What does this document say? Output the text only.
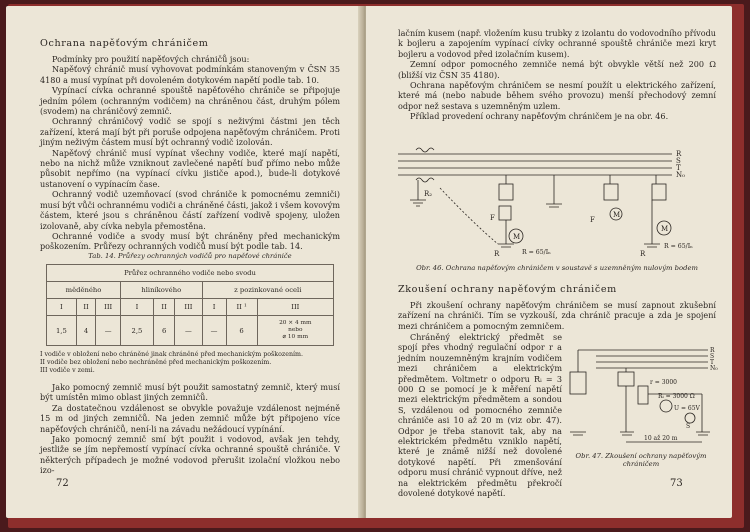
Ochrana napěťovým chráničem

Podmínky pro použití napěťových chráničů jsou:

Napěťový chránič musí vyhovovat podmínkám stanoveným v ČSN 35 4180 a musí vypínat při dovoleném dotykovém napětí podle tab. 10.

Vypínací cívka ochranné spouště napěťového chrániče se připojuje jedním pólem (ochranným vodičem) na chráněnou část, druhým pólem (svodem) na chráničový zemnič.

Ochranný chráničový vodič se spojí s neživými částmi jen těch zařízení, která mají být při poruše odpojena napěťovým chráničem. Proti jiným neživým částem musí být ochranný vodič izolován.

Napěťový chránič musí vypínat všechny vodiče, které mají napětí, nebo na nichž může vzniknout zavlečené napětí buď přímo nebo může působit nepřímo (na vypínací cívku jističe apod.), bude-li dotykové ustanovení o vypínacím čase.

Ochranný vodič uzemňovací (svod chrániče k pomocnému zemniči) musí být vůči ochrannému vodiči a chráněné části, jakož i všem kovovým částem, které jsou s chráněnou částí zařízení vodivě spojeny, uložen izolovaně, aby cívka nebyla přemostěna.

Ochranné vodiče a svody musí být chráněny před mechanickým poškozením. Průřezy ochranných vodičů musí být podle tab. 14.

Tab. 14. Průřezy ochranných vodičů pro napěťové chrániče
Průřez ochranného vodiče nebo svodu								
měděného			hliníkového			z pozinkované oceli		
I	II	III	I	II	III	I	II ¹	III
1,5	4	—	2,5	6	—	—	6	20 × 4 mm
nebo
⌀ 10 mm
I vodiče v obložení nebo chráněné jinak chráněné před mechanickým poškozením.
II vodiče bez obložení nebo nechráněné před mechanickým poškozením.
III vodiče v zemi.

Jako pomocný zemnič musí být použit samostatný zemnič, který musí být umístěn mimo oblast jiných zemničů.

Za dostatečnou vzdálenost se obvykle považuje vzdálenost nejméně 15 m od jiných zemničů. Na jeden zemnič může být připojeno více napěťových chráničů, není-li na závadu nežádoucí vypínání.

Jako pomocný zemnič smí být použit i vodovod, avšak jen tehdy, jestliže se jím nepřemostí vypínací cívka ochranné spouště chrániče. V některých případech je možné vodovod přerušit izolační vložkou nebo izo-

72

lačním kusem (např. vložením kusu trubky z izolantu do vodovodního přívodu k bojleru a zapojením vypínací cívky ochranné spouště chrániče mezi kryt bojleru a vodovod před izolačním kusem).

Zemní odpor pomocného zemniče nemá být obvykle větší než 200 Ω (bližší viz ČSN 35 4180).

Ochrana napěťovým chráničem se nesmí použít u elektrického zařízení, které má (nebo nabude během svého provozu) menší přechodový zemní odpor než sestava s uzemněným uzlem.

Příklad provedení ochrany napěťovým chráničem je na obr. 46.

R
S
T
N₀
F	F
M
M
M
R	R
R₂
R = 65/Iₙ
R = 65/Iₙ
Obr. 46. Ochrana napěťovým chráničem v soustavě s uzemněným nulovým bodem
Zkoušení ochrany napěťovým chráničem

Při zkoušení ochrany napěťovým chráničem se musí zapnout zkušební zařízení na chrániči. Tím se vyzkouší, zda chránič pracuje a zda je spojení mezi chráničem a pomocným zemničem.

Chráněný elektrický předmět se spojí přes vhodný regulační odpor r a jedním nouzemněným krajním vodičem mezi chráničem a elektrickým předmětem. Voltmetr o odporu Rᵢ = 3 000 Ω se pomocí je k měření napětí mezi elektrickým předmětem a sondou S, vzdálenou od pomocného zemniče chrániče asi 10 až 20 m (viz obr. 47). Odpor je třeba stanovit tak, aby na elektrickém předmětu vzniklo napětí, které je známě nižší než dovolené dotykové napětí. Při zmenšování odporu musí chránič vypnout dříve, než na elektrickém předmětu překročí dovolené dotykové napětí.

R
S
T
N₀
r = 3000
Rᵢ = 3000 Ω
U = 65V
S
10 až 20 m
Obr. 47. Zkoušení ochrany napěťovým
chráničem
73
